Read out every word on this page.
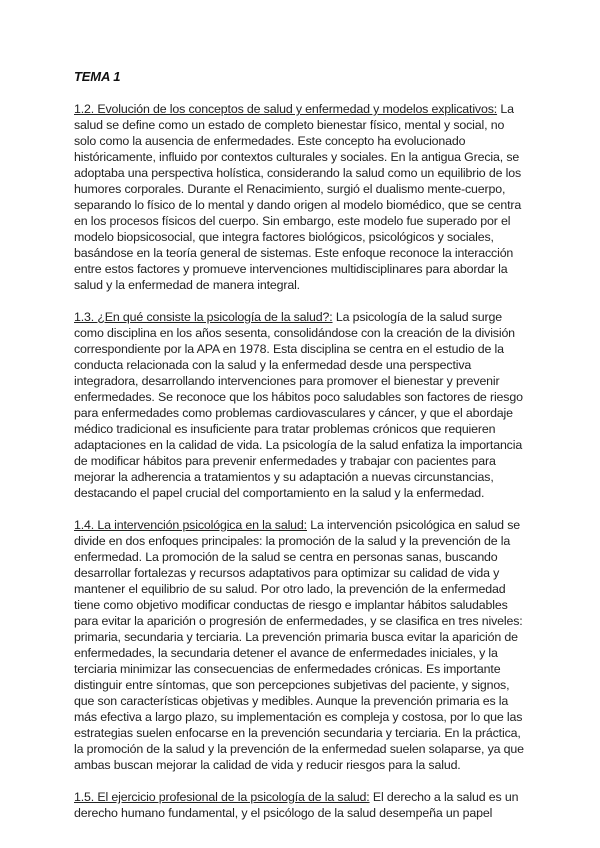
TEMA 1

1.2. Evolución de los conceptos de salud y enfermedad y modelos explicativos: La salud se define como un estado de completo bienestar físico, mental y social, no solo como la ausencia de enfermedades. Este concepto ha evolucionado históricamente, influido por contextos culturales y sociales. En la antigua Grecia, se adoptaba una perspectiva holística, considerando la salud como un equilibrio de los humores corporales. Durante el Renacimiento, surgió el dualismo mente-cuerpo, separando lo físico de lo mental y dando origen al modelo biomédico, que se centra en los procesos físicos del cuerpo. Sin embargo, este modelo fue superado por el modelo biopsicosocial, que integra factores biológicos, psicológicos y sociales, basándose en la teoría general de sistemas. Este enfoque reconoce la interacción entre estos factores y promueve intervenciones multidisciplinares para abordar la salud y la enfermedad de manera integral.

1.3. ¿En qué consiste la psicología de la salud?: La psicología de la salud surge como disciplina en los años sesenta, consolidándose con la creación de la división correspondiente por la APA en 1978. Esta disciplina se centra en el estudio de la conducta relacionada con la salud y la enfermedad desde una perspectiva integradora, desarrollando intervenciones para promover el bienestar y prevenir enfermedades. Se reconoce que los hábitos poco saludables son factores de riesgo para enfermedades como problemas cardiovasculares y cáncer, y que el abordaje médico tradicional es insuficiente para tratar problemas crónicos que requieren adaptaciones en la calidad de vida. La psicología de la salud enfatiza la importancia de modificar hábitos para prevenir enfermedades y trabajar con pacientes para mejorar la adherencia a tratamientos y su adaptación a nuevas circunstancias, destacando el papel crucial del comportamiento en la salud y la enfermedad.

1.4. La intervención psicológica en la salud: La intervención psicológica en salud se divide en dos enfoques principales: la promoción de la salud y la prevención de la enfermedad. La promoción de la salud se centra en personas sanas, buscando desarrollar fortalezas y recursos adaptativos para optimizar su calidad de vida y mantener el equilibrio de su salud. Por otro lado, la prevención de la enfermedad tiene como objetivo modificar conductas de riesgo e implantar hábitos saludables para evitar la aparición o progresión de enfermedades, y se clasifica en tres niveles: primaria, secundaria y terciaria. La prevención primaria busca evitar la aparición de enfermedades, la secundaria detener el avance de enfermedades iniciales, y la terciaria minimizar las consecuencias de enfermedades crónicas. Es importante distinguir entre síntomas, que son percepciones subjetivas del paciente, y signos, que son características objetivas y medibles. Aunque la prevención primaria es la más efectiva a largo plazo, su implementación es compleja y costosa, por lo que las estrategias suelen enfocarse en la prevención secundaria y terciaria. En la práctica, la promoción de la salud y la prevención de la enfermedad suelen solaparse, ya que ambas buscan mejorar la calidad de vida y reducir riesgos para la salud.

1.5. El ejercicio profesional de la psicología de la salud: El derecho a la salud es un derecho humano fundamental, y el psicólogo de la salud desempeña un papel
